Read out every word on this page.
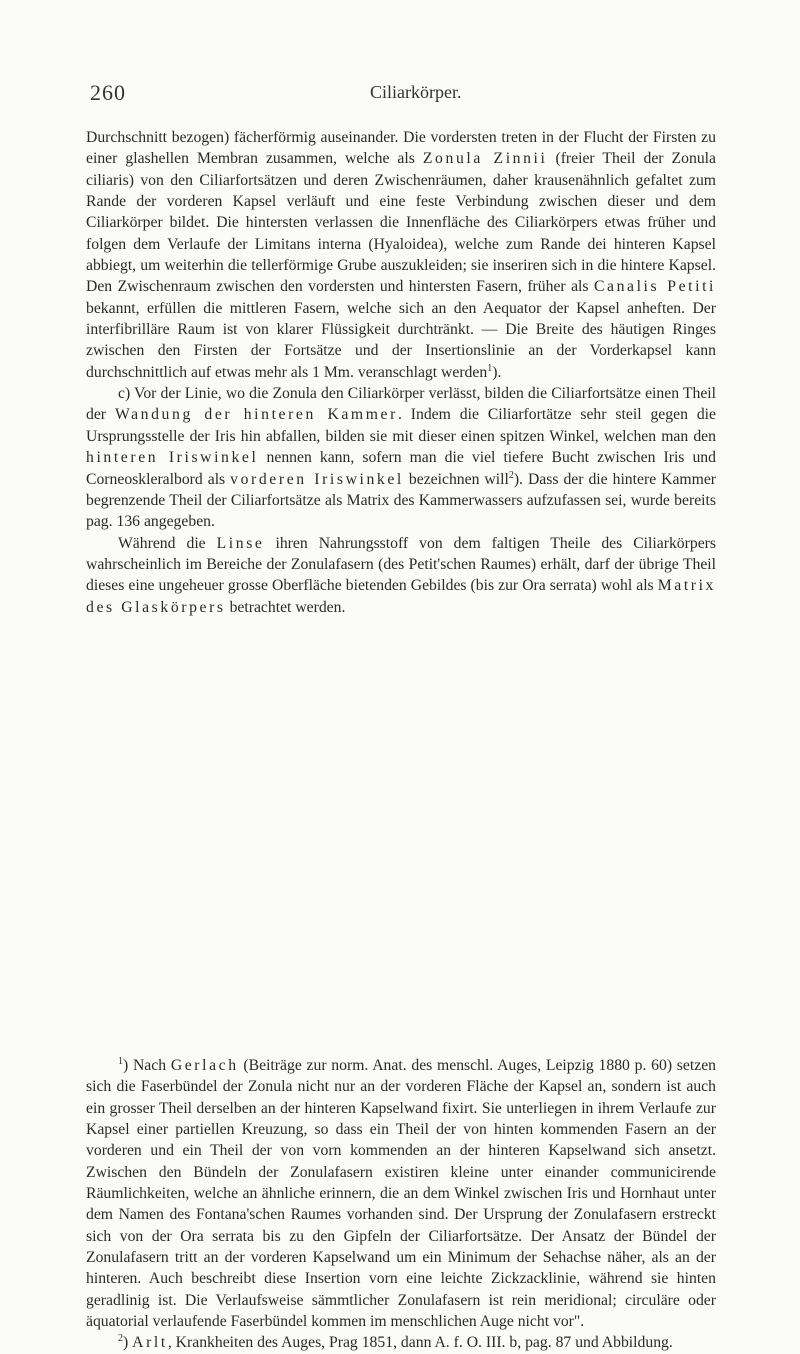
260	Ciliarkörper.

Durchschnitt bezogen) fächerförmig auseinander. Die vordersten treten in der Flucht der Firsten zu einer glashellen Membran zusammen, welche als Zonula Zinnii (freier Theil der Zonula ciliaris) von den Ciliarfortsätzen und deren Zwischenräumen, daher krausenähnlich gefaltet zum Rande der vorderen Kapsel verläuft und eine feste Verbindung zwischen dieser und dem Ciliarkörper bildet. Die hintersten verlassen die Innenfläche des Ciliarkörpers etwas früher und folgen dem Verlaufe der Limitans interna (Hyaloidea), welche zum Rande dei hinteren Kapsel abbiegt, um weiterhin die tellerförmige Grube auszukleiden; sie inseriren sich in die hintere Kapsel. Den Zwischenraum zwischen den vordersten und hintersten Fasern, früher als Canalis Petiti bekannt, erfüllen die mittleren Fasern, welche sich an den Aequator der Kapsel anheften. Der interfibrilläre Raum ist von klarer Flüssigkeit durchtränkt. — Die Breite des häutigen Ringes zwischen den Firsten der Fortsätze und der Insertionslinie an der Vorderkapsel kann durchschnittlich auf etwas mehr als 1 Mm. veranschlagt werden$^1$).

c) Vor der Linie, wo die Zonula den Ciliarkörper verlässt, bilden die Ciliarfortsätze einen Theil der Wandung der hinteren Kammer. Indem die Ciliarfortätze sehr steil gegen die Ursprungsstelle der Iris hin abfallen, bilden sie mit dieser einen spitzen Winkel, welchen man den hinteren Iriswinkel nennen kann, sofern man die viel tiefere Bucht zwischen Iris und Corneoskleralbord als vorderen Iriswinkel bezeichnen will$^2$). Dass der die hintere Kammer begrenzende Theil der Ciliarfortsätze als Matrix des Kammerwassers aufzufassen sei, wurde bereits pag. 136 angegeben.

Während die Linse ihren Nahrungsstoff von dem faltigen Theile des Ciliarkörpers wahrscheinlich im Bereiche der Zonulafasern (des Petit'schen Raumes) erhält, darf der übrige Theil dieses eine ungeheuer grosse Oberfläche bietenden Gebildes (bis zur Ora serrata) wohl als Matrix des Glaskörpers betrachtet werden.

$^1$) Nach Gerlach (Beiträge zur norm. Anat. des menschl. Auges, Leipzig 1880 p. 60) setzen sich die Faserbündel der Zonula nicht nur an der vorderen Fläche der Kapsel an, sondern ist auch ein grosser Theil derselben an der hinteren Kapselwand fixirt. Sie unterliegen in ihrem Verlaufe zur Kapsel einer partiellen Kreuzung, so dass ein Theil der von hinten kommenden Fasern an der vorderen und ein Theil der von vorn kommenden an der hinteren Kapselwand sich ansetzt. Zwischen den Bündeln der Zonulafasern existiren kleine unter einander communicirende Räumlichkeiten, welche an ähnliche erinnern, die an dem Winkel zwischen Iris und Hornhaut unter dem Namen des Fontana'schen Raumes vorhanden sind. Der Ursprung der Zonulafasern erstreckt sich von der Ora serrata bis zu den Gipfeln der Ciliarfortsätze. Der Ansatz der Bündel der Zonulafasern tritt an der vorderen Kapselwand um ein Minimum der Sehachse näher, als an der hinteren. Auch beschreibt diese Insertion vorn eine leichte Zickzacklinie, während sie hinten geradlinig ist. Die Verlaufsweise sämmtlicher Zonulafasern ist rein meridional; circuläre oder äquatorial verlaufende Faserbündel kommen im menschlichen Auge nicht vor".

$^2$) Arlt, Krankheiten des Auges, Prag 1851, dann A. f. O. III. b, pag. 87 und Abbildung.
